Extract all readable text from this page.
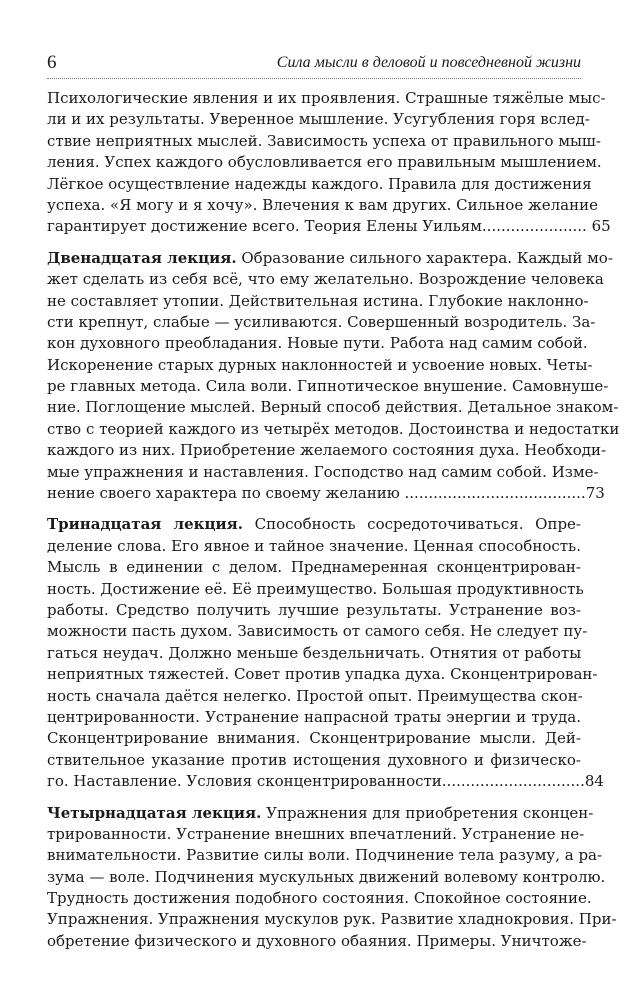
6	Сила мысли в деловой и повседневной жизни
Психологические явления и их проявления. Страшные тяжёлые мыс-
ли и их результаты. Уверенное мышление. Усугубления горя вслед-
ствие неприятных мыслей. Зависимость успеха от правильного мыш-
ления. Успех каждого обусловливается его правильным мышлением.
Лёгкое осуществление надежды каждого. Правила для достижения
успеха. «Я могу и я хочу». Влечения к вам других. Сильное желание
гарантирует достижение всего. Теория Елены Уильям...................... 65
Двенадцатая лекция. Образование сильного характера. Каждый мо-
жет сделать из себя всё, что ему желательно. Возрождение человека
не составляет утопии. Действительная истина. Глубокие наклонно-
сти крепнут, слабые — усиливаются. Совершенный возродитель. За-
кон духовного преобладания. Новые пути. Работа над самим собой.
Искоренение старых дурных наклонностей и усвоение новых. Четы-
ре главных метода. Сила воли. Гипнотическое внушение. Самовнуше-
ние. Поглощение мыслей. Верный способ действия. Детальное знаком-
ство с теорией каждого из четырёх методов. Достоинства и недостатки
каждого из них. Приобретение желаемого состояния духа. Необходи-
мые упражнения и наставления. Господство над самим собой. Изме-
нение своего характера по своему желанию ......................................73
Тринадцатая лекция. Способность сосредоточиваться. Опре-
деление слова. Его явное и тайное значение. Ценная способность.
Мысль в единении с делом. Преднамеренная сконцентрирован-
ность. Достижение её. Её преимущество. Большая продуктивность
работы. Средство получить лучшие результаты. Устранение воз-
можности пасть духом. Зависимость от самого себя. Не следует пу-
гаться неудач. Должно меньше бездельничать. Отнятия от работы
неприятных тяжестей. Совет против упадка духа. Сконцентрирован-
ность сначала даётся нелегко. Простой опыт. Преимущества скон-
центрированности. Устранение напрасной траты энергии и труда.
Сконцентрирование внимания. Сконцентрирование мысли. Дей-
ствительное указание против истощения духовного и физическо-
го. Наставление. Условия сконцентрированности..............................84
Четырнадцатая лекция. Упражнения для приобретения сконцен-
трированности. Устранение внешних впечатлений. Устранение не-
внимательности. Развитие силы воли. Подчинение тела разуму, а ра-
зума — воле. Подчинения мускульных движений волевому контролю.
Трудность достижения подобного состояния. Спокойное состояние.
Упражнения. Упражнения мускулов рук. Развитие хладнокровия. При-
обретение физического и духовного обаяния. Примеры. Уничтоже-
